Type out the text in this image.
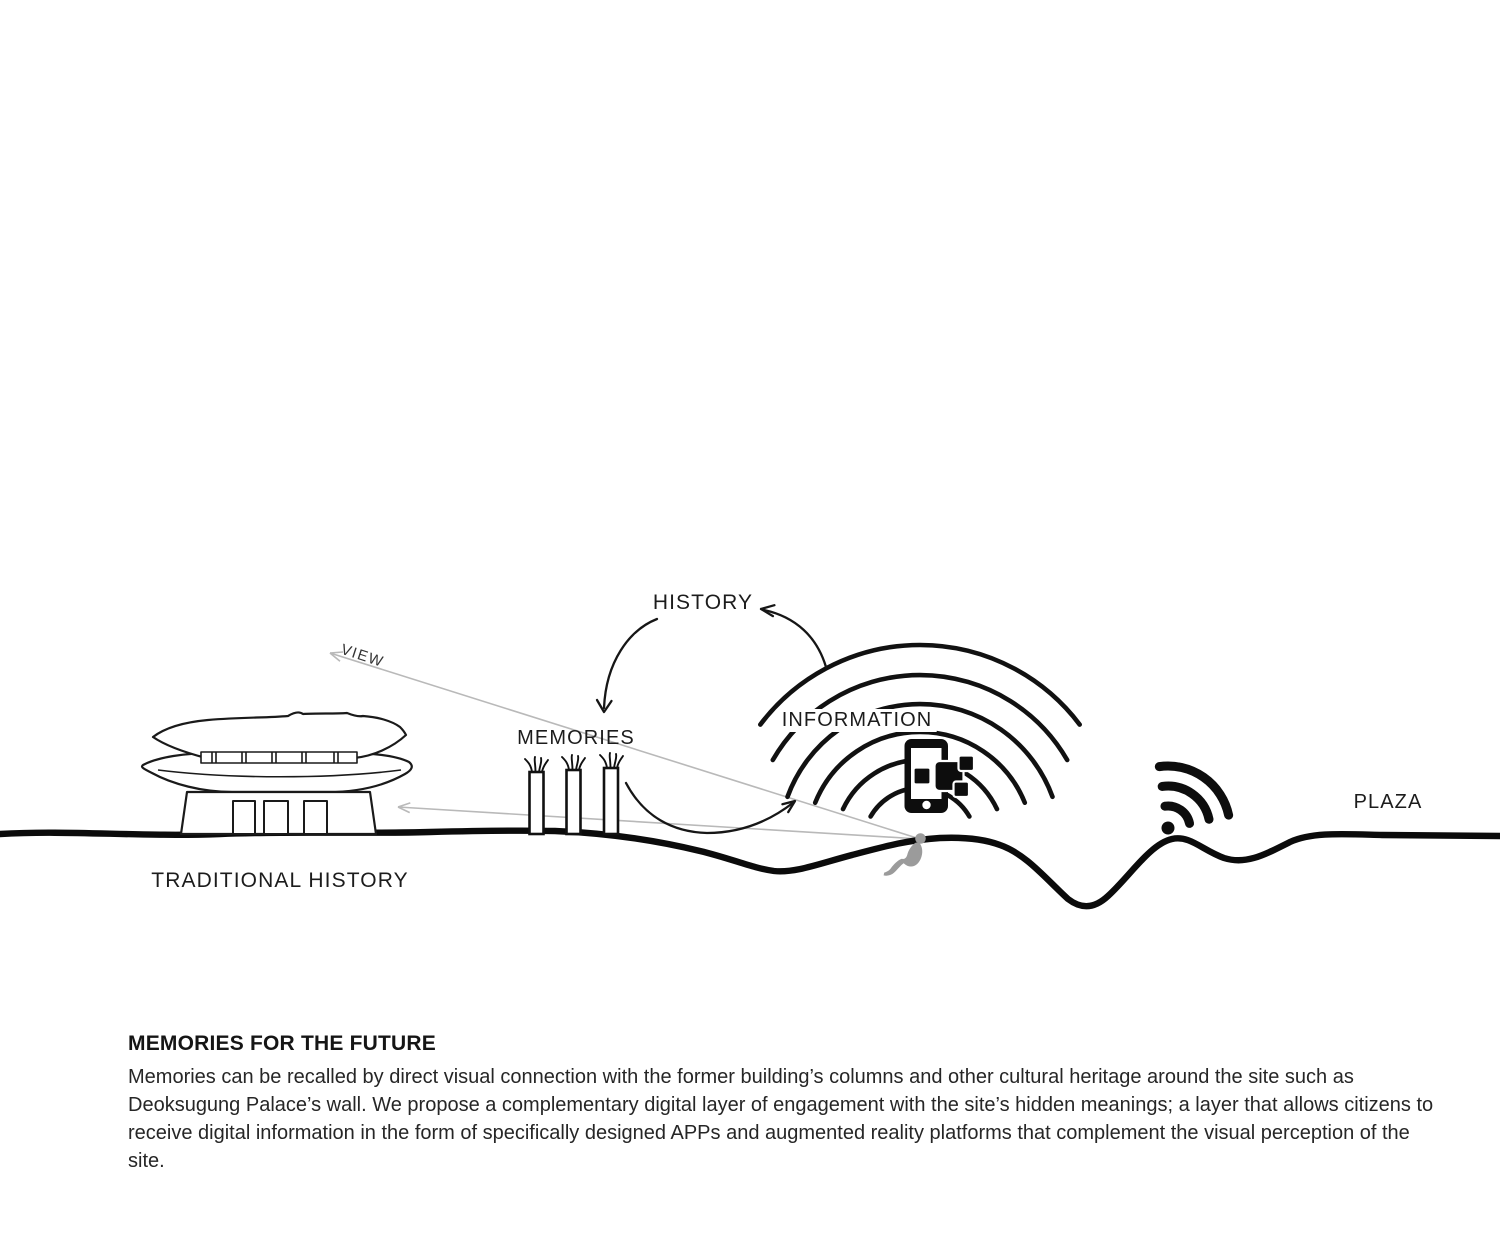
VIEW
TRADITIONAL HISTORY
MEMORIES
HISTORY
INFORMATION
PLAZA
MEMORIES FOR THE FUTURE

Memories can be recalled by direct visual connection with the former building’s columns and other cultural heritage around the site such as Deoksugung Palace’s wall. We propose a complementary digital layer of engagement with the site’s hidden meanings; a layer that allows citizens to receive digital information in the form of specifically designed APPs and augmented reality platforms that complement the visual perception of the site.
